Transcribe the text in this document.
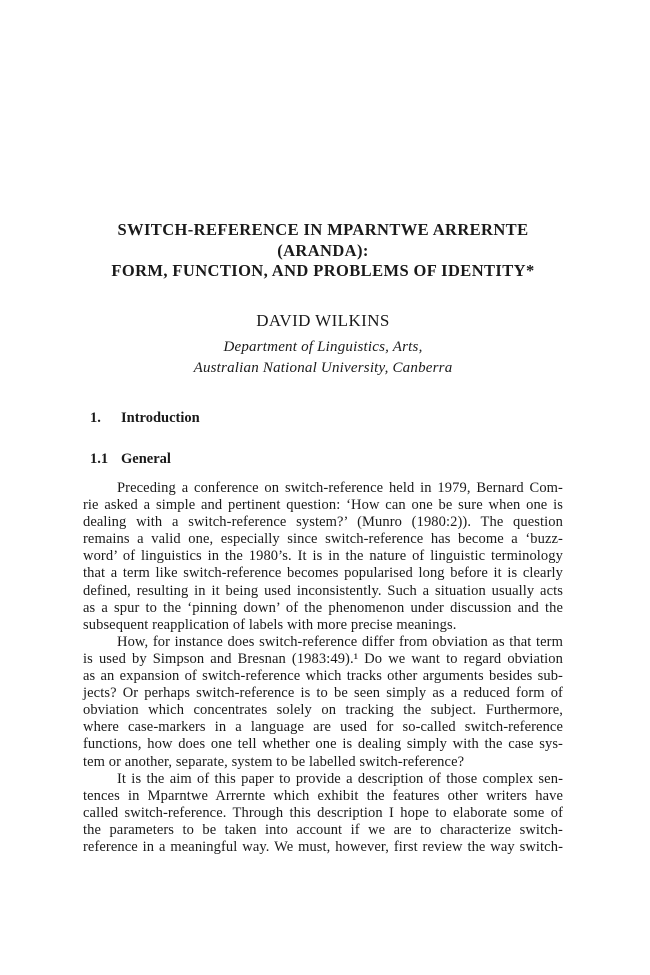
SWITCH-REFERENCE IN MPARNTWE ARRERNTE
(ARANDA):
FORM, FUNCTION, AND PROBLEMS OF IDENTITY*
DAVID WILKINS
Department of Linguistics, Arts,
Australian National University, Canberra
1. Introduction
1.1 General
Preceding a conference on switch-reference held in 1979, Bernard Com-
rie asked a simple and pertinent question: ‘How can one be sure when one is
dealing with a switch-reference system?’ (Munro (1980:2)). The question
remains a valid one, especially since switch-reference has become a ‘buzz-
word’ of linguistics in the 1980’s. It is in the nature of linguistic terminology
that a term like switch-reference becomes popularised long before it is clearly
defined, resulting in it being used inconsistently. Such a situation usually acts
as a spur to the ‘pinning down’ of the phenomenon under discussion and the
subsequent reapplication of labels with more precise meanings.
How, for instance does switch-reference differ from obviation as that term
is used by Simpson and Bresnan (1983:49).¹ Do we want to regard obviation
as an expansion of switch-reference which tracks other arguments besides sub-
jects? Or perhaps switch-reference is to be seen simply as a reduced form of
obviation which concentrates solely on tracking the subject. Furthermore,
where case-markers in a language are used for so-called switch-reference
functions, how does one tell whether one is dealing simply with the case sys-
tem or another, separate, system to be labelled switch-reference?
It is the aim of this paper to provide a description of those complex sen-
tences in Mparntwe Arrernte which exhibit the features other writers have
called switch-reference. Through this description I hope to elaborate some of
the parameters to be taken into account if we are to characterize switch-
reference in a meaningful way. We must, however, first review the way switch-
